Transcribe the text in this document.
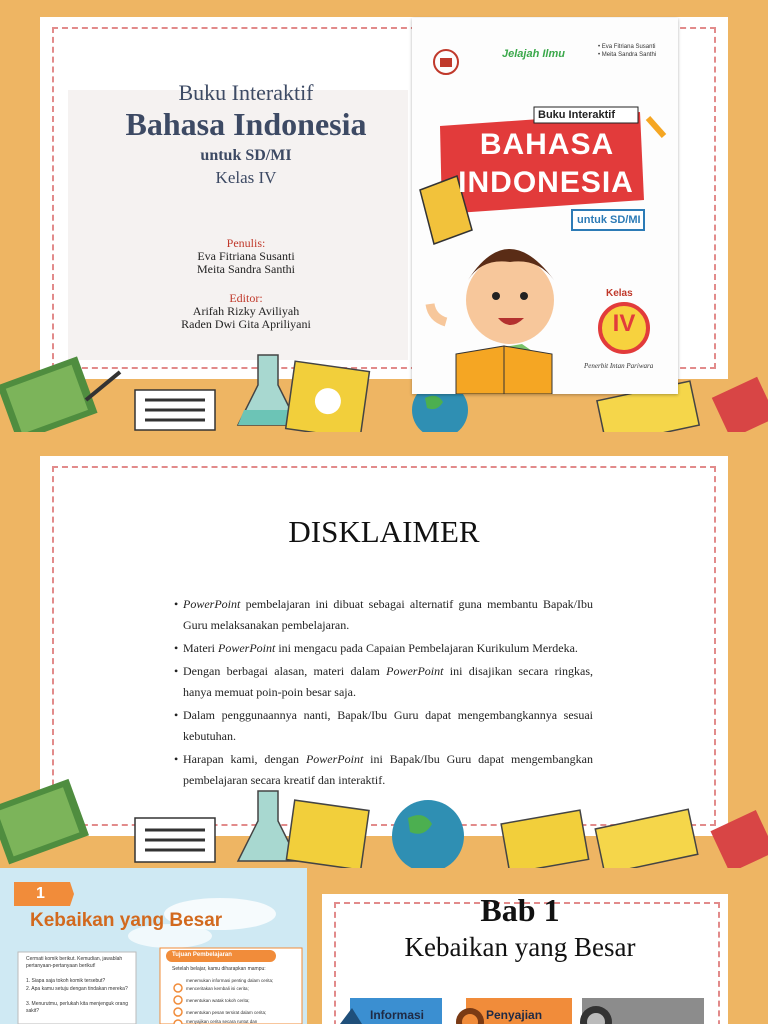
Buku Interaktif
Bahasa Indonesia
untuk SD/MI
Kelas IV
Penulis:
Eva Fitriana Susanti
Meita Sandra Santhi
Editor:
Arifah Rizky Aviliyah
Raden Dwi Gita Apriliyani
Jelajah Ilmu
• Eva Fitriana Susanti
• Meita Sandra Santhi
Buku Interaktif
BAHASA
INDONESIA
untuk SD/MI
Kelas
IV
Penerbit Intan Pariwara
DISKLAIMER
• PowerPoint pembelajaran ini dibuat sebagai alternatif guna membantu Bapak/Ibu Guru melaksanakan pembelajaran.
• Materi PowerPoint ini mengacu pada Capaian Pembelajaran Kurikulum Merdeka.
• Dengan berbagai alasan, materi dalam PowerPoint ini disajikan secara ringkas, hanya memuat poin-poin besar saja.
• Dalam penggunaannya nanti, Bapak/Ibu Guru dapat mengembangkannya sesuai kebutuhan.
• Harapan kami, dengan PowerPoint ini Bapak/Ibu Guru dapat mengembangkan pembelajaran secara kreatif dan interaktif.
1
Kebaikan yang Besar
Cermati komik berikut. Kemudian, jawablah pertanyaan-pertanyaan berikut!
1. Siapa saja tokoh komik tersebut?
2. Apa kamu setuju dengan tindakan mereka?
3. Menurutmu, perlukah kita menjenguk orang sakit?
Tujuan Pembelajaran
Setelah belajar, kamu diharapkan mampu:
menemukan informasi penting dalam cerita;
menceritakan kembali isi cerita;
menentukan watak tokoh cerita;
menentukan pesan tersirat dalam cerita;
menyajikan cerita secara runtut dan
Bab 1
Kebaikan yang Besar
Informasi	Penyajian
